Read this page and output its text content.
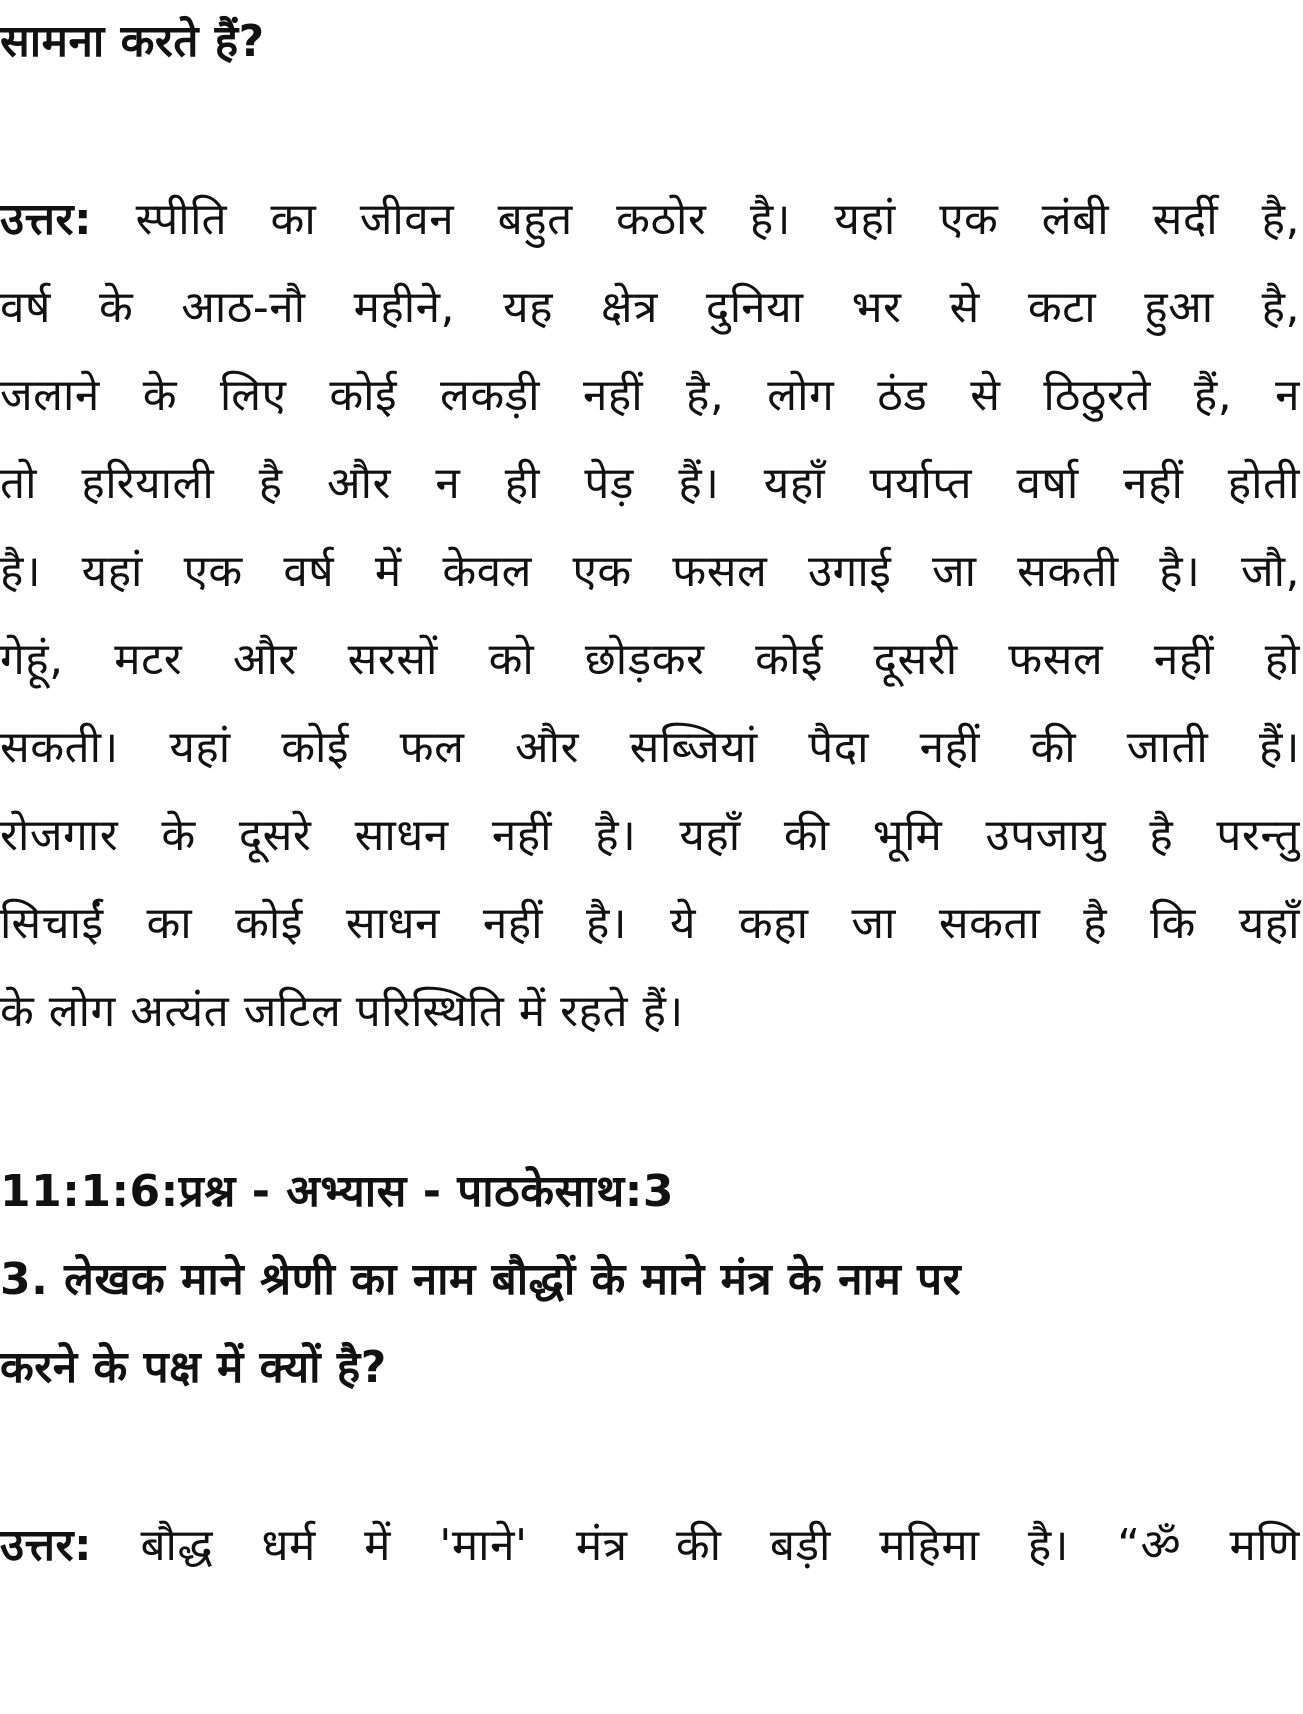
सामना करते हैं?
उत्तर: स्पीति का जीवन बहुत कठोर है। यहां एक लंबी सर्दी है,
वर्ष के आठ-नौ महीने, यह क्षेत्र दुनिया भर से कटा हुआ है,
जलाने के लिए कोई लकड़ी नहीं है, लोग ठंड से ठिठुरते हैं, न
तो हरियाली है और न ही पेड़ हैं। यहाँ पर्याप्त वर्षा नहीं होती
है। यहां एक वर्ष में केवल एक फसल उगाई जा सकती है। जौ,
गेहूं, मटर और सरसों को छोड़कर कोई दूसरी फसल नहीं हो
सकती। यहां कोई फल और सब्जियां पैदा नहीं की जाती हैं।
रोजगार के दूसरे साधन नहीं है। यहाँ की भूमि उपजायु है परन्तु
सिचाईं का कोई साधन नहीं है। ये कहा जा सकता है कि यहाँ
के लोग अत्यंत जटिल परिस्थिति में रहते हैं।
11:1:6:प्रश्न - अभ्यास - पाठकेसाथ:3
3. लेखक माने श्रेणी का नाम बौद्धों के माने मंत्र के नाम पर
करने के पक्ष में क्यों है?
उत्तर: बौद्ध धर्म में 'माने' मंत्र की बड़ी महिमा है। “ॐ मणि
